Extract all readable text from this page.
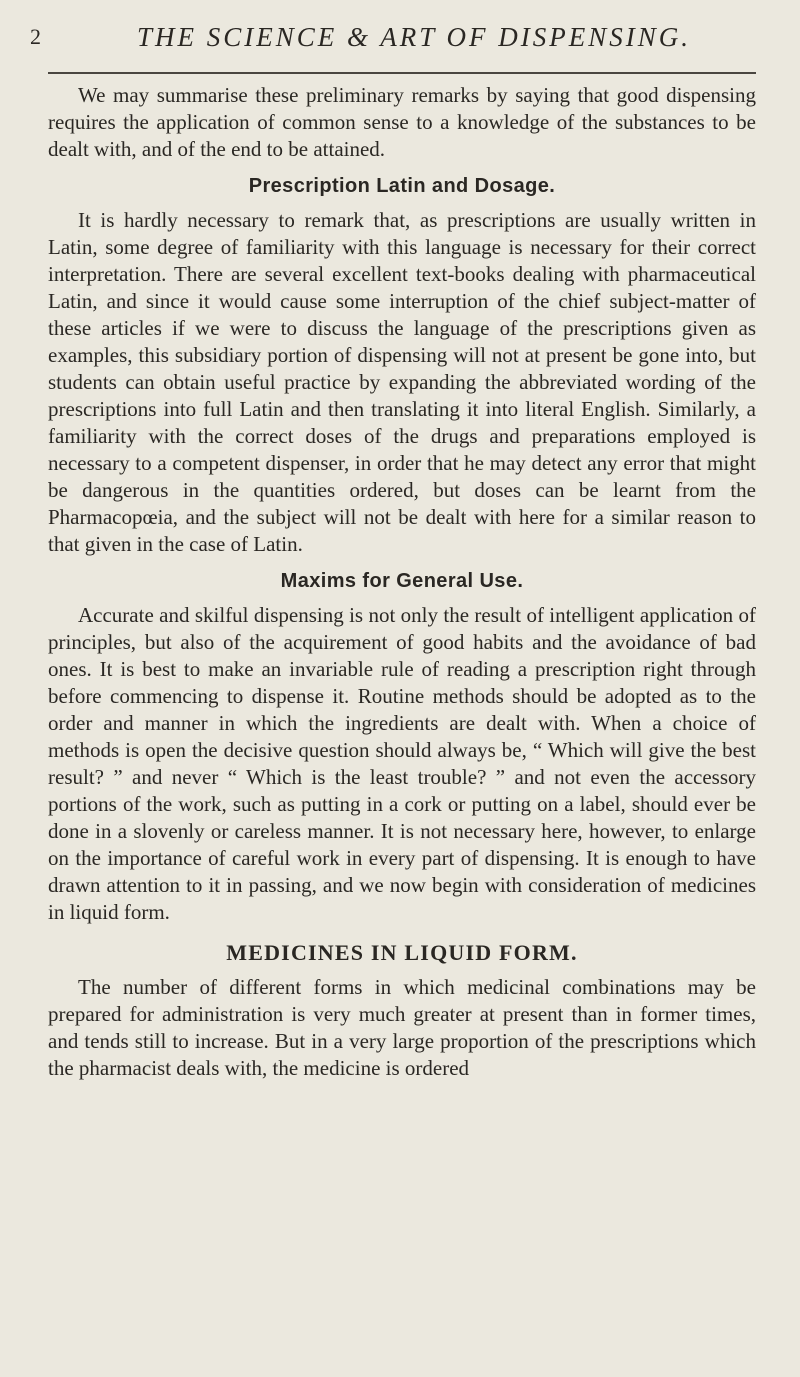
2	THE SCIENCE & ART OF DISPENSING.

We may summarise these preliminary remarks by saying that good dispensing requires the application of common sense to a knowledge of the substances to be dealt with, and of the end to be attained.

Prescription Latin and Dosage.

It is hardly necessary to remark that, as prescriptions are usually written in Latin, some degree of familiarity with this language is necessary for their correct interpretation. There are several excellent text-books dealing with pharmaceutical Latin, and since it would cause some interruption of the chief subject-matter of these articles if we were to discuss the language of the prescriptions given as examples, this subsidiary portion of dispensing will not at present be gone into, but students can obtain useful practice by expanding the abbreviated wording of the prescriptions into full Latin and then translating it into literal English. Similarly, a familiarity with the correct doses of the drugs and preparations employed is necessary to a competent dispenser, in order that he may detect any error that might be dangerous in the quantities ordered, but doses can be learnt from the Pharmacopœia, and the subject will not be dealt with here for a similar reason to that given in the case of Latin.

Maxims for General Use.

Accurate and skilful dispensing is not only the result of intelligent application of principles, but also of the acquirement of good habits and the avoidance of bad ones. It is best to make an invariable rule of reading a prescription right through before commencing to dispense it. Routine methods should be adopted as to the order and manner in which the ingredients are dealt with. When a choice of methods is open the decisive question should always be, “ Which will give the best result? ” and never “ Which is the least trouble? ” and not even the accessory portions of the work, such as putting in a cork or putting on a label, should ever be done in a slovenly or careless manner. It is not necessary here, however, to enlarge on the importance of careful work in every part of dispensing. It is enough to have drawn attention to it in passing, and we now begin with consideration of medicines in liquid form.

MEDICINES IN LIQUID FORM.

The number of different forms in which medicinal combinations may be prepared for administration is very much greater at present than in former times, and tends still to increase. But in a very large proportion of the prescriptions which the pharmacist deals with, the medicine is ordered
